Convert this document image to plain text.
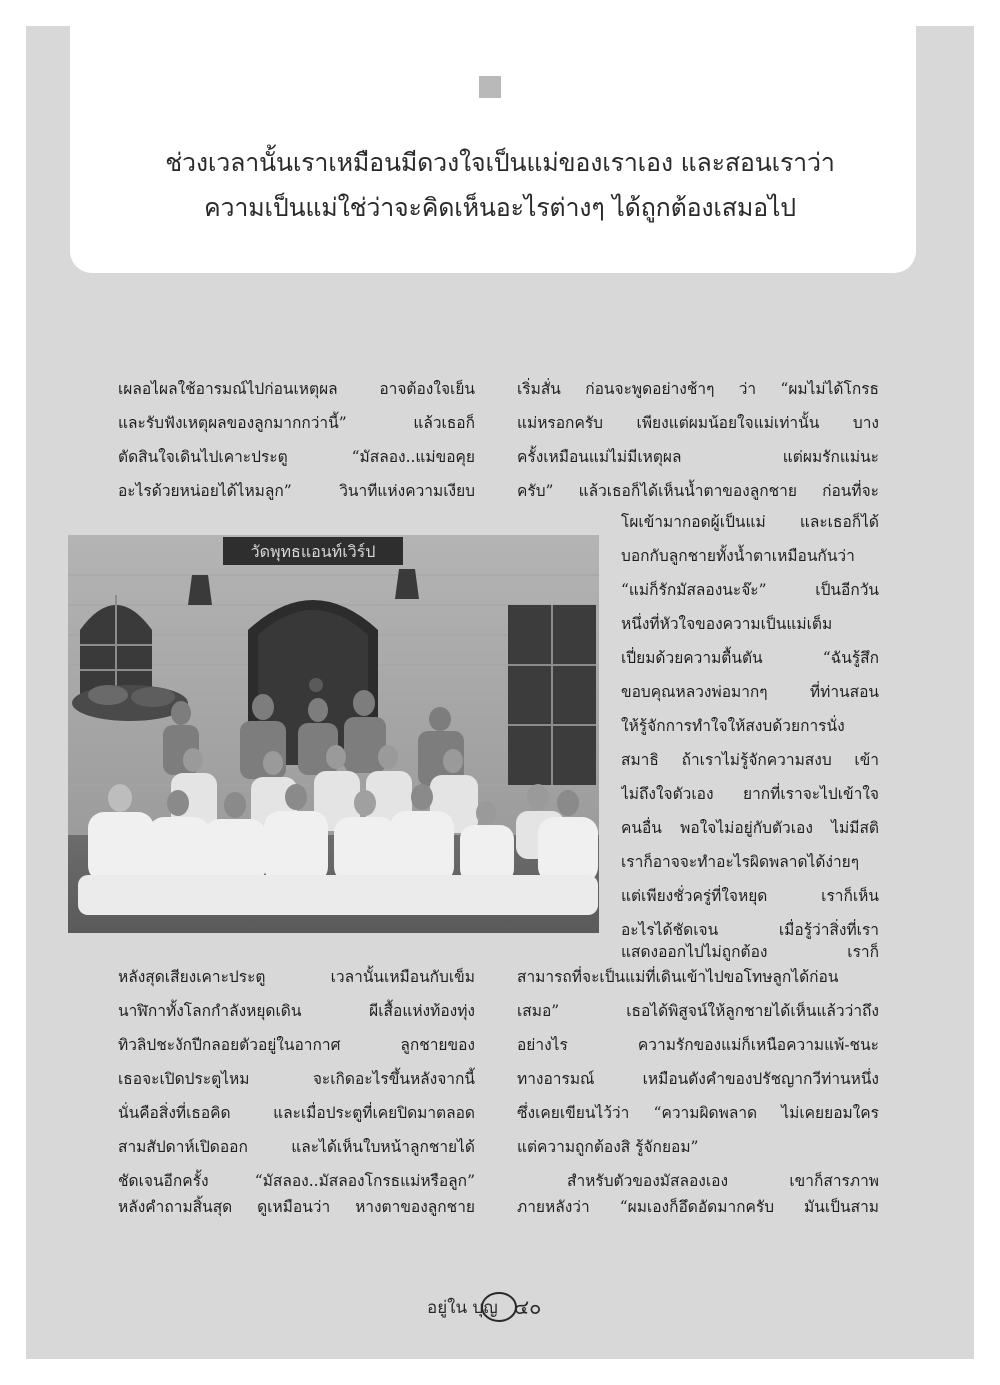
ช่วงเวลานั้นเราเหมือนมีดวงใจเป็นแม่ของเราเอง และสอนเราว่า
ความเป็นแม่ใช่ว่าจะคิดเห็นอะไรต่างๆ ได้ถูกต้องเสมอไป
เผลอไผลใช้อารมณ์ไปก่อนเหตุผล อาจต้องใจเย็น
และรับฟังเหตุผลของลูกมากกว่านี้” แล้วเธอก็
ตัดสินใจเดินไปเคาะประตู “มัสลอง..แม่ขอคุย
อะไรด้วยหน่อยได้ไหมลูก” วินาทีแห่งความเงียบ
เริ่มสั่น ก่อนจะพูดอย่างช้าๆ ว่า “ผมไม่ได้โกรธ
แม่หรอกครับ เพียงแต่ผมน้อยใจแม่เท่านั้น บาง
ครั้งเหมือนแม่ไม่มีเหตุผล แต่ผมรักแม่นะ
ครับ” แล้วเธอก็ได้เห็นน้ำตาของลูกชาย ก่อนที่จะ
โผเข้ามากอดผู้เป็นแม่ และเธอก็ได้
บอกกับลูกชายทั้งน้ำตาเหมือนกันว่า
“แม่ก็รักมัสลองนะจ๊ะ” เป็นอีกวัน
หนึ่งที่หัวใจของความเป็นแม่เต็ม
เปี่ยมด้วยความตื้นตัน “ฉันรู้สึก
ขอบคุณหลวงพ่อมากๆ ที่ท่านสอน
ให้รู้จักการทำใจให้สงบด้วยการนั่ง
สมาธิ ถ้าเราไม่รู้จักความสงบ เข้า
ไม่ถึงใจตัวเอง ยากที่เราจะไปเข้าใจ
คนอื่น พอใจไม่อยู่กับตัวเอง ไม่มีสติ
เราก็อาจจะทำอะไรผิดพลาดได้ง่ายๆ
แต่เพียงชั่วครู่ที่ใจหยุด เราก็เห็น
อะไรได้ชัดเจน เมื่อรู้ว่าสิ่งที่เรา
แสดงออกไปไม่ถูกต้อง เราก็
วัดพุทธแอนท์เวิร์ป
หลังสุดเสียงเคาะประตู เวลานั้นเหมือนกับเข็ม
นาฬิกาทั้งโลกกำลังหยุดเดิน ผีเสื้อแห่งท้องทุ่ง
ทิวลิปชะงักปีกลอยตัวอยู่ในอากาศ ลูกชายของ
เธอจะเปิดประตูไหม จะเกิดอะไรขึ้นหลังจากนี้
นั่นคือสิ่งที่เธอคิด และเมื่อประตูที่เคยปิดมาตลอด
สามสัปดาห์เปิดออก และได้เห็นใบหน้าลูกชายได้
ชัดเจนอีกครั้ง “มัสลอง..มัสลองโกรธแม่หรือลูก”
หลังคำถามสิ้นสุด ดูเหมือนว่า หางตาของลูกชาย
สามารถที่จะเป็นแม่ที่เดินเข้าไปขอโทษลูกได้ก่อน
เสมอ” เธอได้พิสูจน์ให้ลูกชายได้เห็นแล้วว่าถึง
อย่างไร ความรักของแม่ก็เหนือความแพ้-ชนะ
ทางอารมณ์ เหมือนดังคำของปรัชญากวีท่านหนึ่ง
ซึ่งเคยเขียนไว้ว่า “ความผิดพลาด ไม่เคยยอมใคร
แต่ความถูกต้องสิ รู้จักยอม”
สำหรับตัวของมัสลองเอง เขาก็สารภาพ
ภายหลังว่า “ผมเองก็อึดอัดมากครับ มันเป็นสาม
อยู่ใน บุญ ๔๐
